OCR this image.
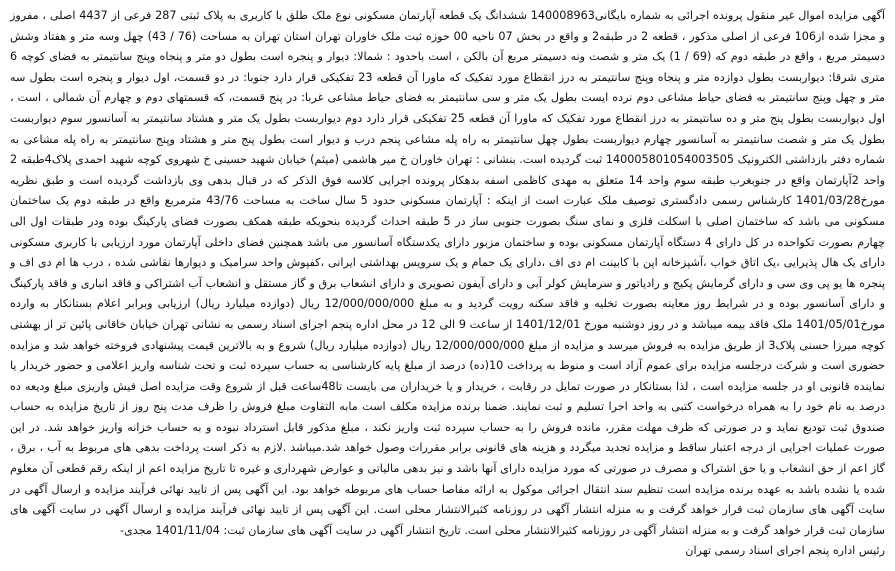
آگهی مزایده اموال غیر منقول پرونده اجرائی به شماره بایگانی140008963 ششدانگ یک قطعه آپارتمان مسکونی نوع ملک طلق با کاربری به پلاک ثبتی 287 فرعی از 4437 اصلی ، مفروز و مجزا شده از106 فرعی از اصلی مذکور ، قطعه 2 در طبقه2 و واقع در بخش 07 ناحیه 00 حوزه ثبت ملک خاوران تهران استان تهران به مساحت (76 / 43) چهل وسه متر و هفتاد وشش دسیمتر مربع ، واقع در طبقه دوم که (69 / 1) یک متر و شصت ونه دسیمتر مربع آن بالکن ، است باحدود : شمالا: دیوار و پنجره است بطول دو متر و پنجاه وپنج سانتیمتر به فضای کوچه 6 متری شرقا: دیواربست بطول دوازده متر و پنجاه وپنج سانتیمتر به درز انقطاع مورد تفکیک که ماورا آن قطعه 23 تفکیکی قرار دارد جنوبا: در دو قسمت، اول دیوار و پنجره است بطول سه متر و چهل وپنج سانتیمتر به فضای حیاط مشاعی دوم نرده ایست بطول یک متر و سی سانتیمتر به فضای حیاط مشاعی غربا: در پنج قسمت، که قسمتهای دوم و چهارم آن شمالی ، است ، اول دیواربست بطول پنج متر و ده سانتیمتر به درز انقطاع مورد تفکیک که ماورا آن قطعه 25 تفکیکی قرار دارد دوم دیواربست بطول یک متر و هشتاد سانتیمتر به آسانسور سوم دیواربست بطول یک متر و شصت سانتیمتر به آسانسور چهارم دیواربست بطول چهل سانتیمتر به راه پله مشاعی پنجم درب و دیوار است بطول پنج متر و هشتاد وپنج سانتیمتر به راه پله مشاعی به شماره دفتر بازداشتی الکترونیک 140005801054003505 ثبت گردیده است. بنشانی : تهران خاوران خ میر هاشمی (میثم) خیابان شهید حسینی خ شهروی کوچه شهید احمدی پلاک4طبقه 2 واحد 2آپارتمان واقع در جنوبغرب طبقه سوم واحد 14 متعلق به مهدی کاظمی اسفه بدهکار پرونده اجرایی کلاسه فوق الذکر که در قبال بدهی وی بازداشت گردیده است و طبق نظریه مورخ1401/03/28 کارشناس رسمی دادگستری توصیف ملک عبارت است از اینکه : آپارتمان مسکونی حدود 5 سال ساخت به مساحت 43/76 مترمربع واقع در طبقه دوم یک ساختمان مسکونی می باشد که ساختمان اصلی با اسکلت فلزی و نمای سنگ بصورت جنوبی ساز در 5 طبقه احداث گردیده بنحویکه طبقه همکف بصورت فضای پارکینگ بوده ودر طبقات اول الی چهارم بصورت تکواحده در کل دارای 4 دستگاه آپارتمان مسکونی بوده و ساختمان مزبور دارای یکدستگاه آسانسور می باشد همچنین فضای داخلی آپارتمان مورد ارزیابی با کاربری مسکونی دارای یک هال پذیرایی ،یک اتاق خواب ،آشپزخانه اپن با کابینت ام دی اف ،دارای یک حمام و یک سرویس بهداشتی ایرانی ،کفپوش واحد سرامیک و دیوارها نقاشی شده ، درب ها ام دی اف و پنجره ها یو پی وی سی و دارای گرمایش پکیج و رادیاتور و سرمایش کولر آبی و دارای آیفون تصویری و دارای انشعاب برق و گاز مستقل و انشعاب آب اشتراکی و فاقد انباری و فاقد پارکینگ و دارای آسانسور بوده و در شرایط روز معاینه بصورت تخلیه و فاقد سکنه رویت گردید و به مبلغ 12/000/000/000 ریال (دوازده میلیارد ریال) ارزیابی وبرابر اعلام بستانکار به وارده مورخ1401/05/01 ملک فاقد بیمه میباشد و در روز دوشنبه مورخ 1401/12/01 از ساعت 9 الی 12 در محل اداره پنجم اجرای اسناد رسمی به نشانی تهران خیابان خاقانی پائین تر از بهشتی کوچه میرزا حسنی پلاک3 از طریق مزایده به فروش میرسد و مزایده از مبلغ 12/000/000/000 ریال (دوازده میلیارد ریال) شروع و به بالاترین قیمت پیشنهادی فروخته خواهد شد و مزایده حضوری است و شرکت درجلسه مزایده برای عموم آزاد است و منوط به پرداخت 10(ده) درصد از مبلغ پایه کارشناسی به حساب سپرده ثبت و تحت شناسه واریز اعلامی و حضور خریدار یا نماینده قانونی او در جلسه مزایده است ، لذا بستانکار در صورت تمایل در رقابت ، خریدار و یا خریداران می بایست تا48ساعت قبل از شروع وقت مزایده اصل فیش واریزی مبلغ ودیعه ده درصد به نام خود را به همراه درخواست کتبی به واحد اجرا تسلیم و ثبت نمایند. ضمنا برنده مزایده مکلف است مابه التفاوت مبلغ فروش را ظرف مدت پنج روز از تاریخ مزایده به حساب صندوق ثبت تودیع نماید و در صورتی که ظرف مهلت مقرر، مانده فروش را به حساب سپرده ثبت واریز نکند ، مبلغ مذکور قابل استرداد نبوده و به حساب خزانه واریز خواهد شد. در این صورت عملیات اجرایی از درجه اعتبار ساقط و مزایده تجدید میگردد و هزینه های قانونی برابر مقررات وصول خواهد شد.میباشد .لازم به ذکر است پرداخت بدهی های مربوط به آب ، برق ، گاز اعم از حق انشعاب و یا حق اشتراک و مصرف در صورتی که مورد مزایده دارای آنها باشد و نیز بدهی مالیاتی و عوارض شهرداری و غیره تا تاریخ مزایده اعم از اینکه رقم قطعی آن معلوم شده یا نشده باشد به عهده برنده مزایده است تنظیم سند انتقال اجرائی موکول به ارائه مفاصا حساب های مربوطه خواهد بود. این آگهی پس از تایید نهائی فرآیند مزایده و ارسال آگهی در سایت آگهی های سازمان ثبت قرار خواهد گرفت و به منزله انتشار آگهی در روزنامه کثیرالانتشار محلی است. این آگهی پس از تایید نهائی فرآیند مزایده و ارسال آگهی در سایت آگهی های سازمان ثبت قرار خواهد گرفت و به منزله انتشار آگهی در روزنامه کثیرالانتشار محلی است. تاریخ انتشار آگهی در سایت آگهی های سازمان ثبت: 1401/11/04 مجدی-

رئیس اداره پنجم اجرای اسناد رسمی تهران
